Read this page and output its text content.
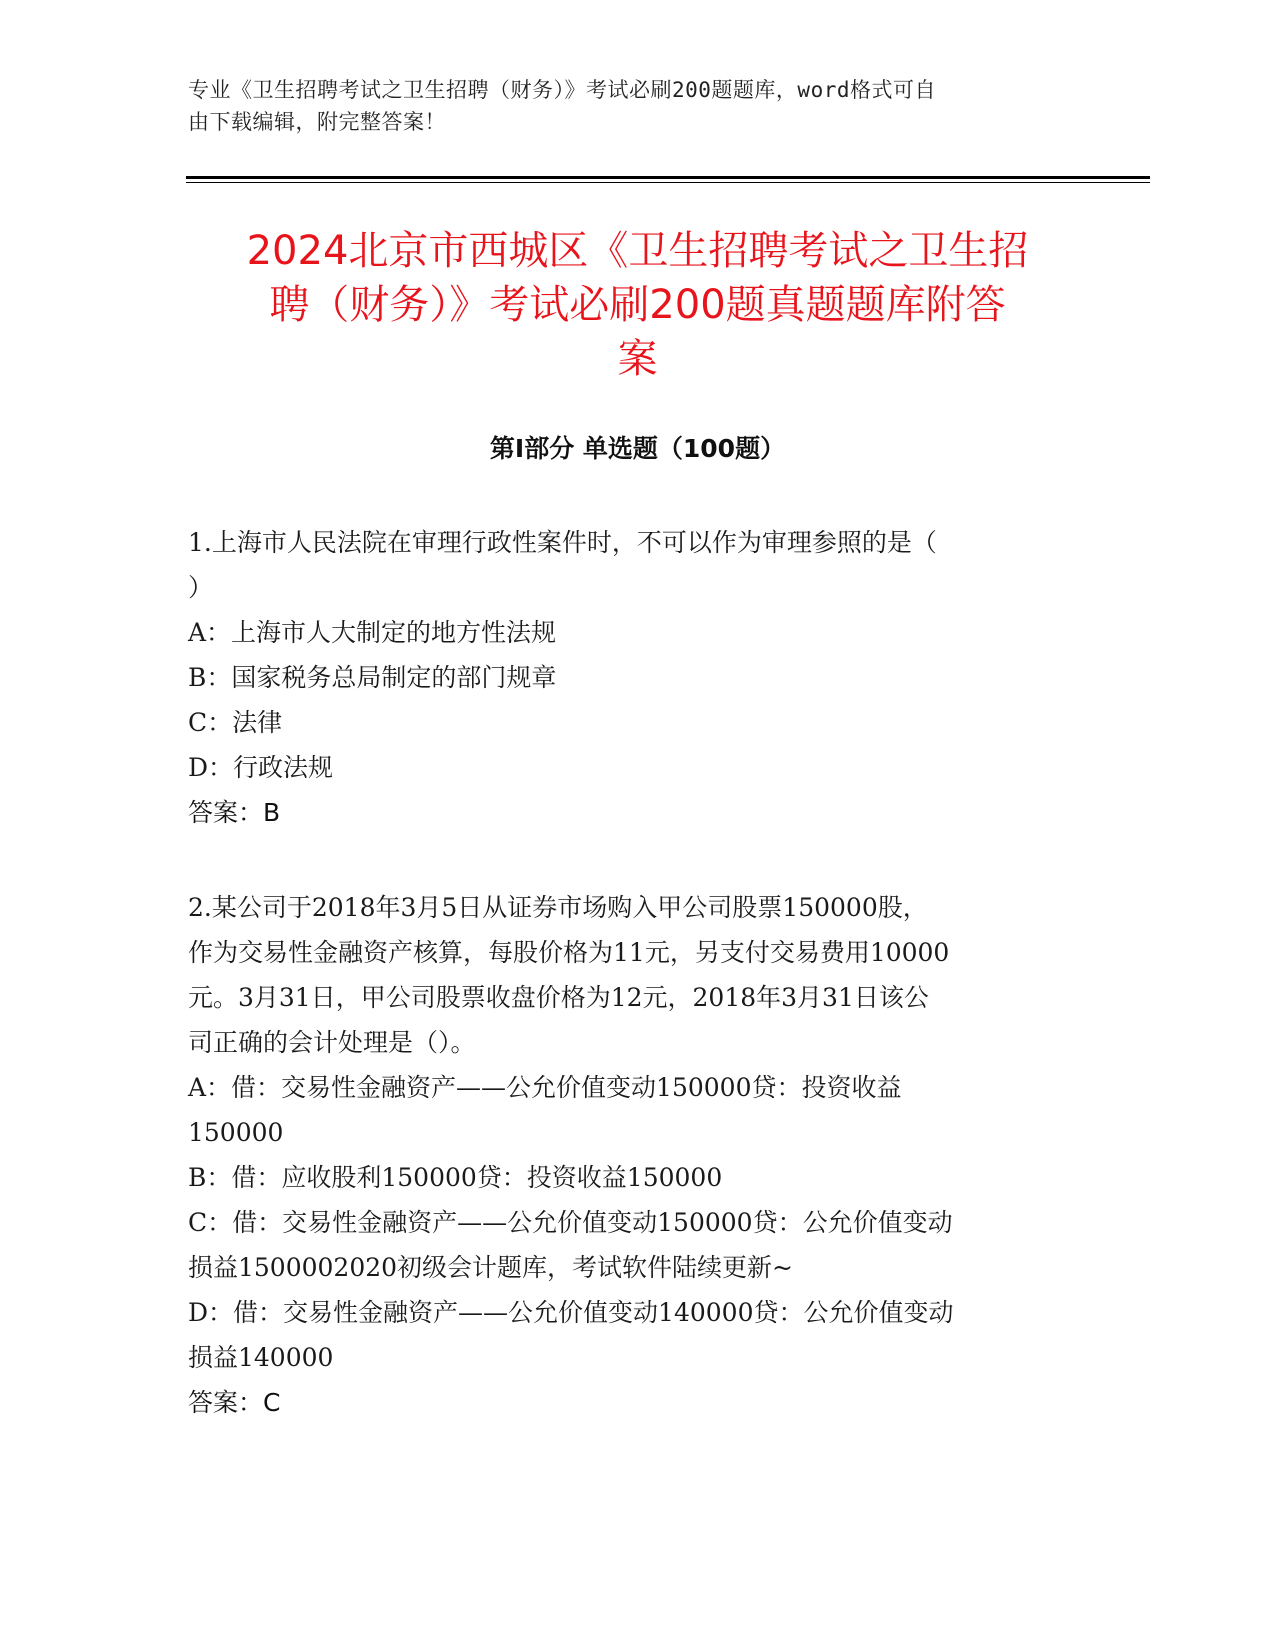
专业《卫生招聘考试之卫生招聘（财务）》考试必刷200题题库，word格式可自
由下载编辑，附完整答案！
2024北京市西城区《卫生招聘考试之卫生招
聘（财务）》考试必刷200题真题题库附答
案
第Ⅰ部分 单选题（100题）
1.上海市人民法院在审理行政性案件时，不可以作为审理参照的是（
）
A：上海市人大制定的地方性法规
B：国家税务总局制定的部门规章
C：法律
D：行政法规
答案：B
2.某公司于2018年3月5日从证券市场购入甲公司股票150000股，
作为交易性金融资产核算，每股价格为11元，另支付交易费用10000
元。3月31日，甲公司股票收盘价格为12元，2018年3月31日该公
司正确的会计处理是（）。
A：借：交易性金融资产——公允价值变动150000贷：投资收益
150000
B：借：应收股利150000贷：投资收益150000
C：借：交易性金融资产——公允价值变动150000贷：公允价值变动
损益1500002020初级会计题库，考试软件陆续更新~
D：借：交易性金融资产——公允价值变动140000贷：公允价值变动
损益140000
答案：C
